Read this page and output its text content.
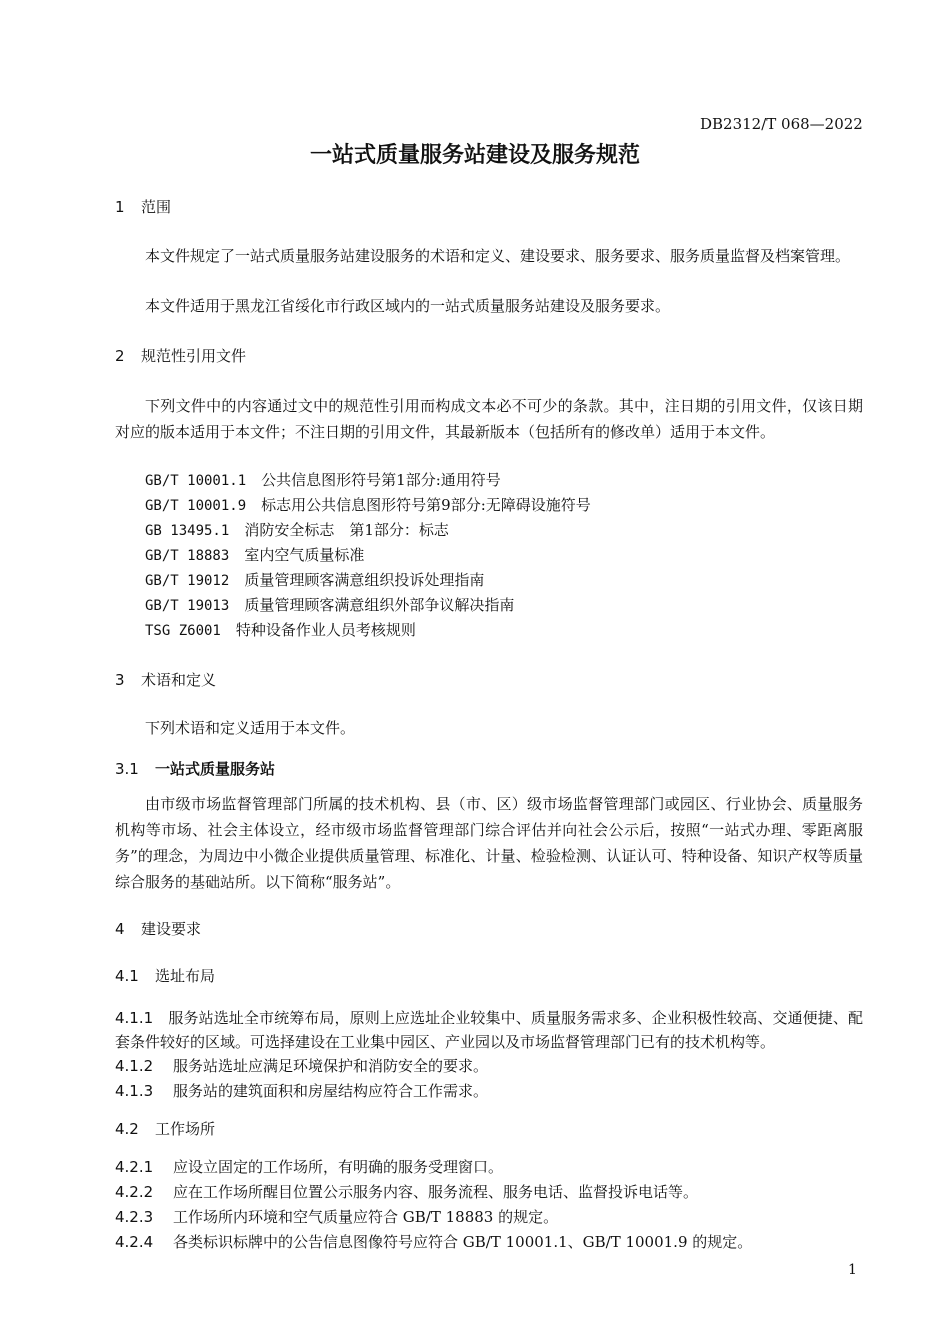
DB2312/T 068—2022
一站式质量服务站建设及服务规范
1 范围
本文件规定了一站式质量服务站建设服务的术语和定义、建设要求、服务要求、服务质量监督及档案管理。
本文件适用于黑龙江省绥化市行政区域内的一站式质量服务站建设及服务要求。
2 规范性引用文件
下列文件中的内容通过文中的规范性引用而构成文本必不可少的条款。其中，注日期的引用文件，仅该日期对应的版本适用于本文件；不注日期的引用文件，其最新版本（包括所有的修改单）适用于本文件。
GB/T 10001.1　 公共信息图形符号第1部分:通用符号
GB/T 10001.9　 标志用公共信息图形符号第9部分:无障碍设施符号
GB 13495.1　 消防安全标志　第1部分：标志
GB/T 18883　 室内空气质量标准
GB/T 19012　 质量管理顾客满意组织投诉处理指南
GB/T 19013　 质量管理顾客满意组织外部争议解决指南
TSG Z6001　 特种设备作业人员考核规则
3 术语和定义
下列术语和定义适用于本文件。
3.1 一站式质量服务站
由市级市场监督管理部门所属的技术机构、县（市、区）级市场监督管理部门或园区、行业协会、质量服务机构等市场、社会主体设立，经市级市场监督管理部门综合评估并向社会公示后，按照“一站式办理、零距离服务”的理念，为周边中小微企业提供质量管理、标准化、计量、检验检测、认证认可、特种设备、知识产权等质量综合服务的基础站所。以下简称“服务站”。
4 建设要求
4.1 选址布局
4.1.1　 服务站选址全市统筹布局，原则上应选址企业较集中、质量服务需求多、企业积极性较高、交通便捷、配套条件较好的区域。可选择建设在工业集中园区、产业园以及市场监督管理部门已有的技术机构等。
4.1.2 服务站选址应满足环境保护和消防安全的要求。
4.1.3 服务站的建筑面积和房屋结构应符合工作需求。
4.2 工作场所
4.2.1 应设立固定的工作场所，有明确的服务受理窗口。
4.2.2 应在工作场所醒目位置公示服务内容、服务流程、服务电话、监督投诉电话等。
4.2.3 工作场所内环境和空气质量应符合 GB/T 18883 的规定。
4.2.4 各类标识标牌中的公告信息图像符号应符合 GB/T 10001.1、GB/T 10001.9 的规定。
1
